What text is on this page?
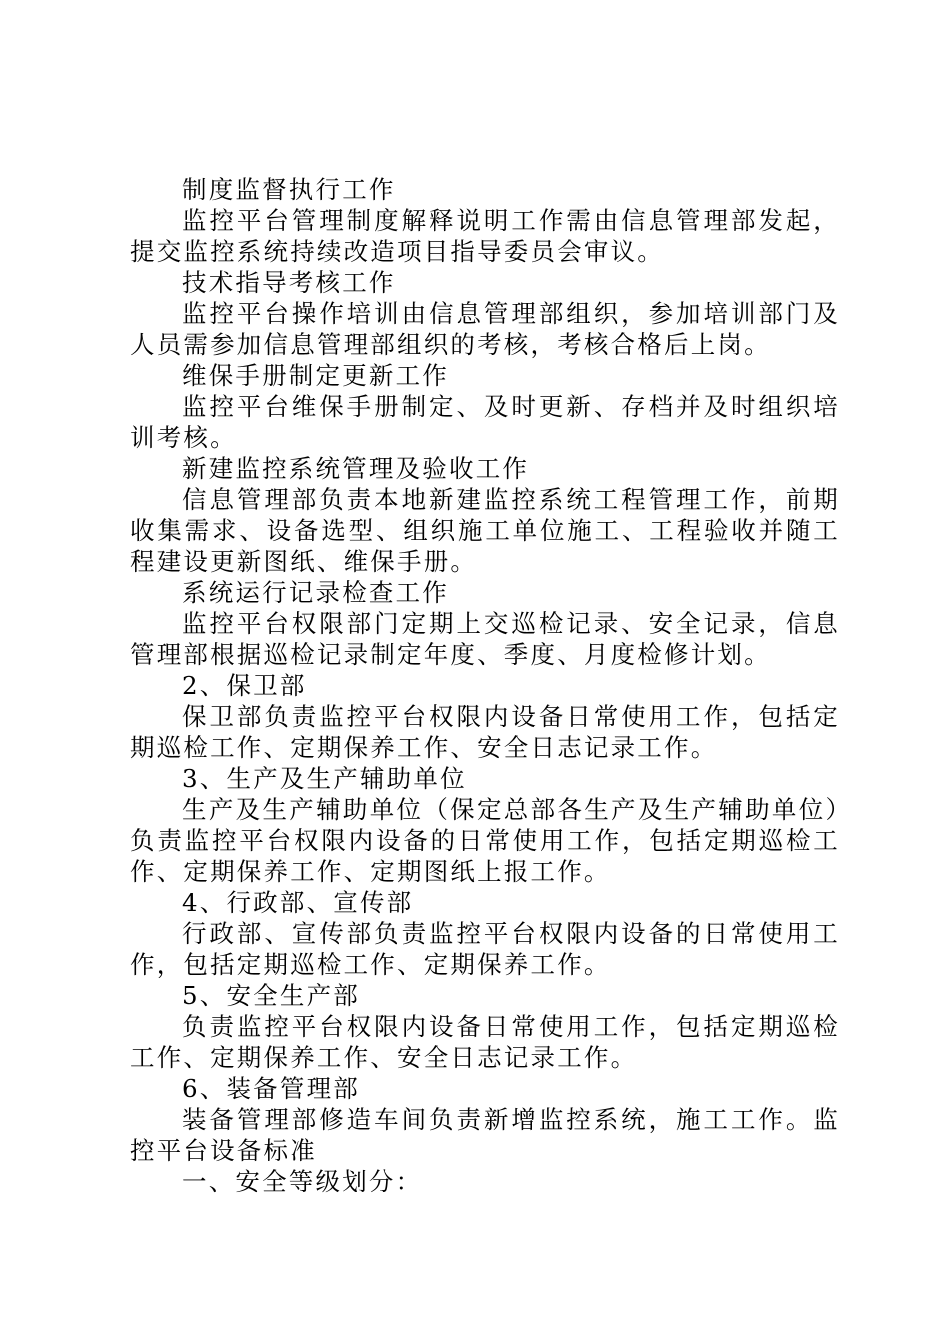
制度监督执行工作

监控平台管理制度解释说明工作需由信息管理部发起，提交监控系统持续改造项目指导委员会审议。

技术指导考核工作

监控平台操作培训由信息管理部组织，参加培训部门及人员需参加信息管理部组织的考核，考核合格后上岗。

维保手册制定更新工作

监控平台维保手册制定、及时更新、存档并及时组织培训考核。

新建监控系统管理及验收工作

信息管理部负责本地新建监控系统工程管理工作，前期收集需求、设备选型、组织施工单位施工、工程验收并随工程建设更新图纸、维保手册。

系统运行记录检查工作

监控平台权限部门定期上交巡检记录、安全记录，信息管理部根据巡检记录制定年度、季度、月度检修计划。

2、保卫部

保卫部负责监控平台权限内设备日常使用工作，包括定期巡检工作、定期保养工作、安全日志记录工作。

3、生产及生产辅助单位

生产及生产辅助单位（保定总部各生产及生产辅助单位）负责监控平台权限内设备的日常使用工作，包括定期巡检工作、定期保养工作、定期图纸上报工作。

4、行政部、宣传部

行政部、宣传部负责监控平台权限内设备的日常使用工作，包括定期巡检工作、定期保养工作。

5、安全生产部

负责监控平台权限内设备日常使用工作，包括定期巡检工作、定期保养工作、安全日志记录工作。

6、装备管理部

装备管理部修造车间负责新增监控系统，施工工作。监控平台设备标准

一、安全等级划分：
